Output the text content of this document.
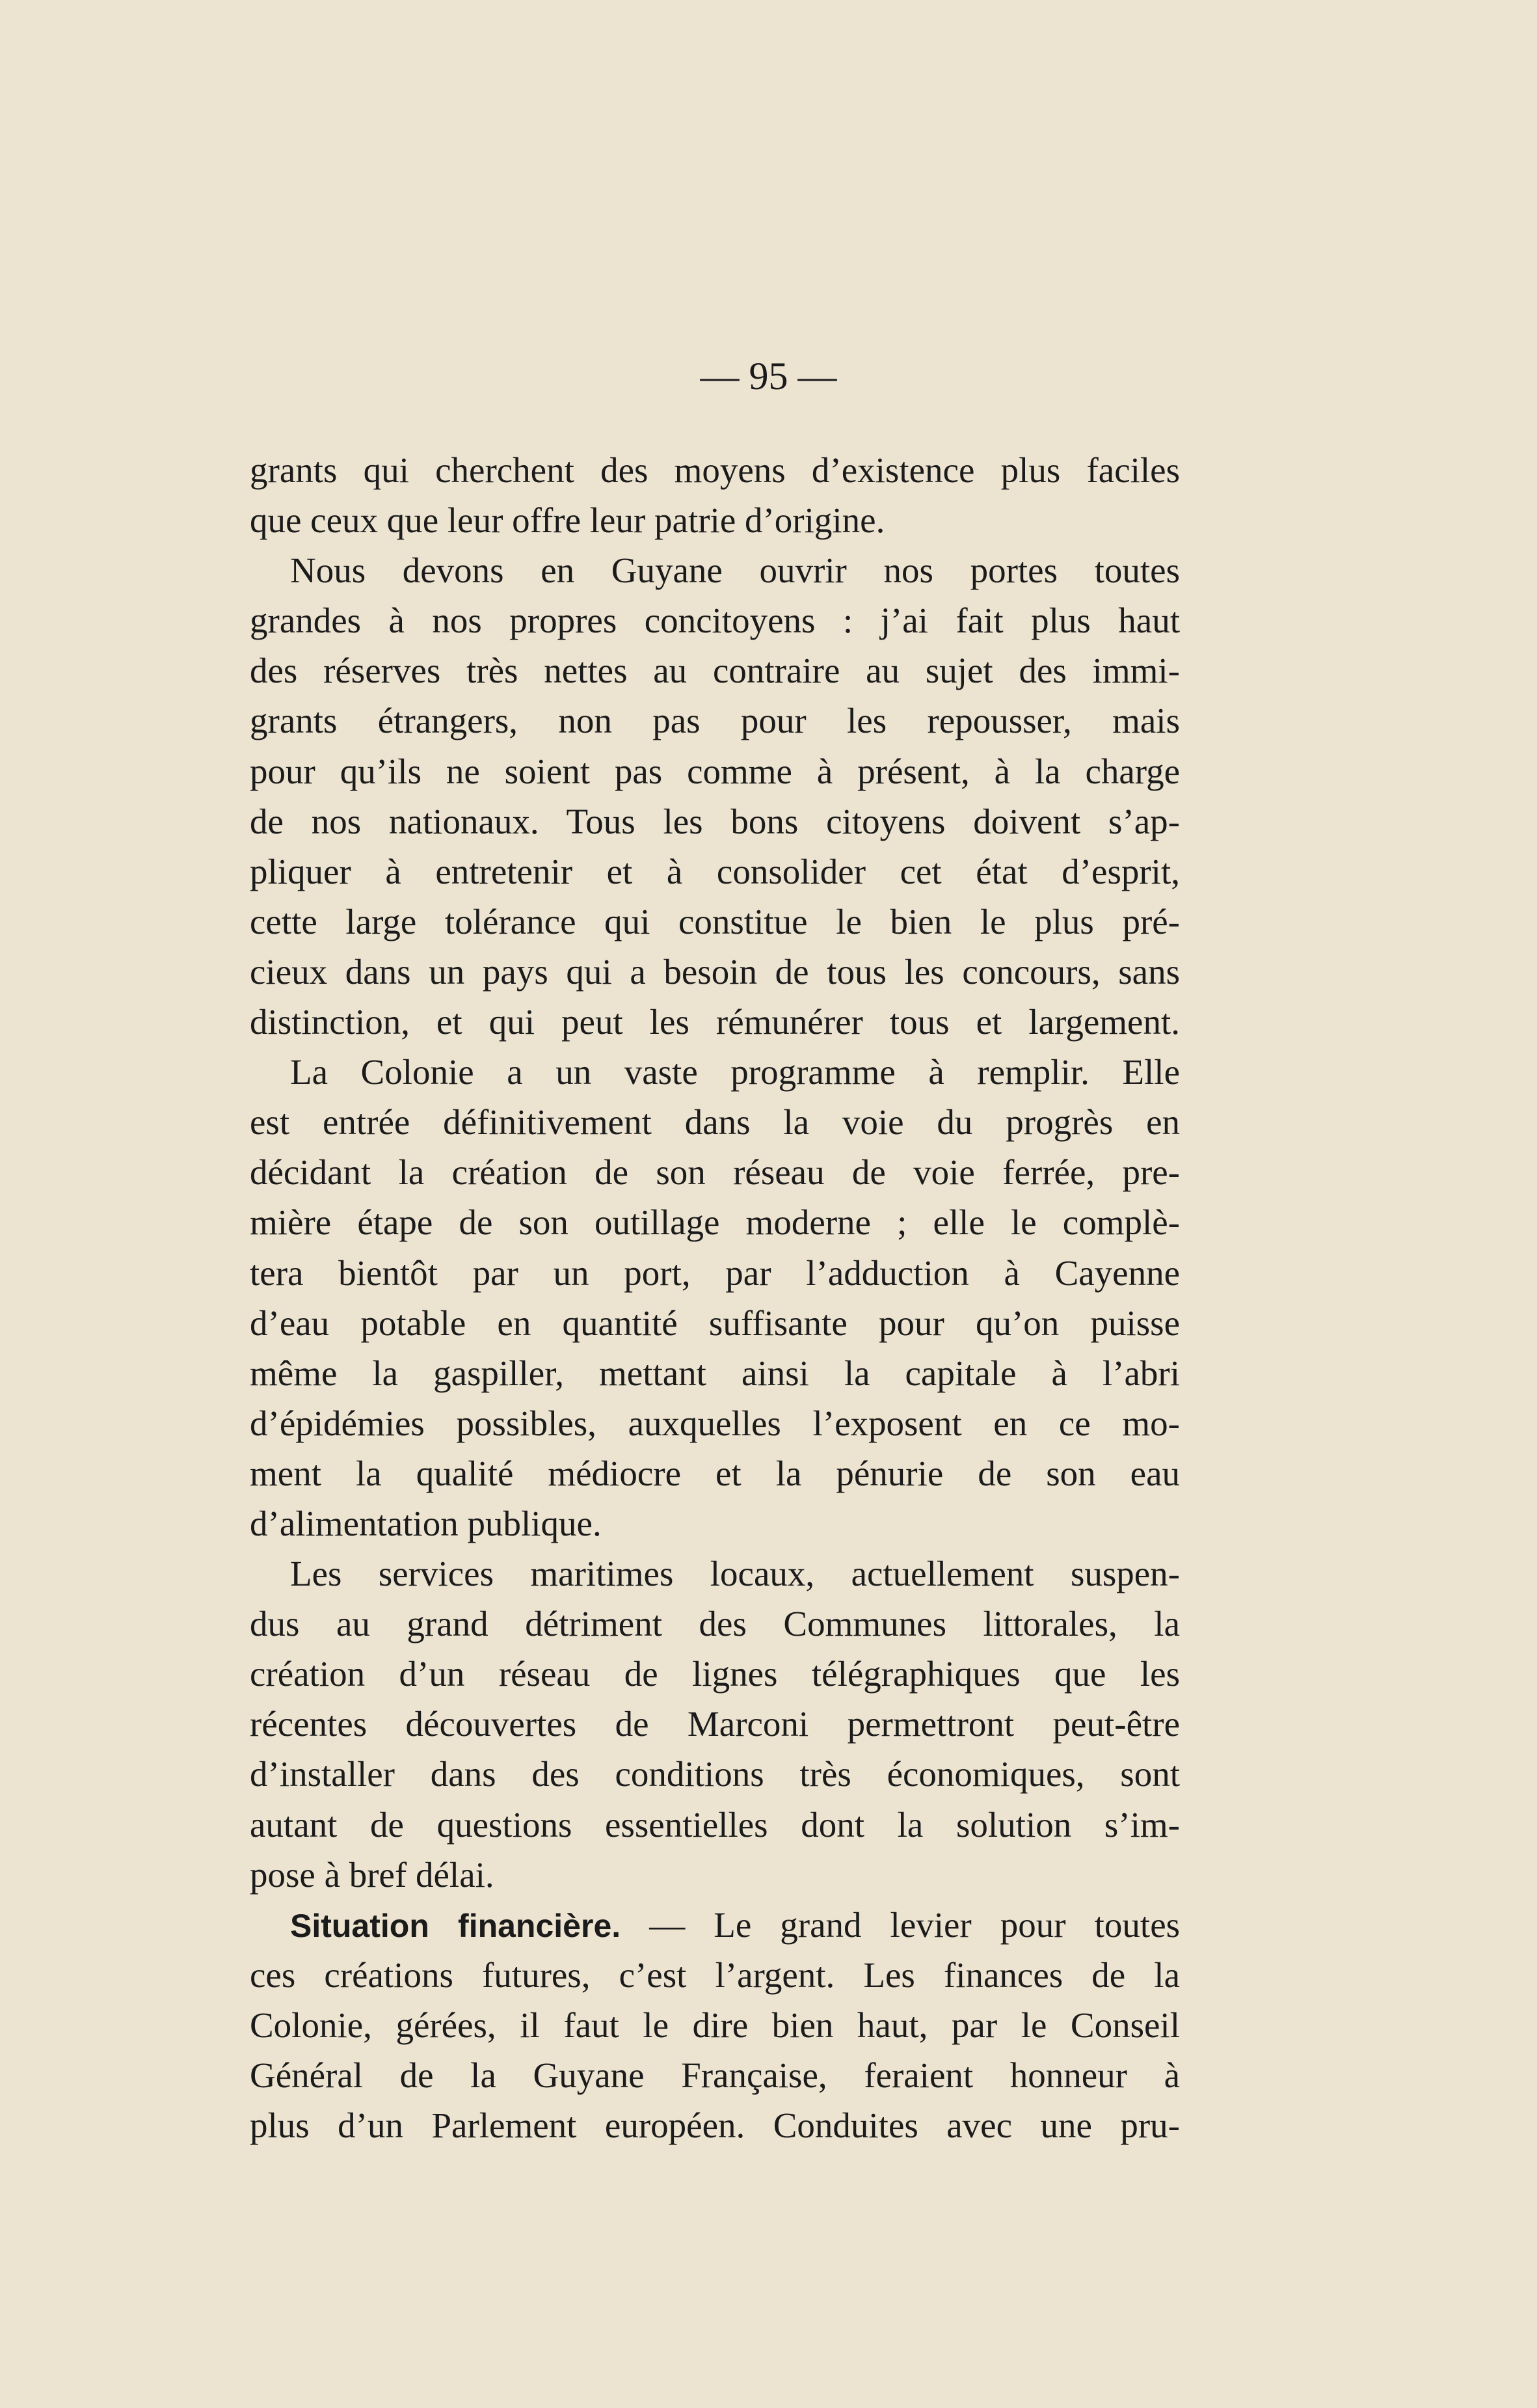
— 95 —
grants qui cherchent des moyens d’existence plus faciles
que ceux que leur offre leur patrie d’origine.
Nous devons en Guyane ouvrir nos portes toutes
grandes à nos propres concitoyens : j’ai fait plus haut
des réserves très nettes au contraire au sujet des immi-
grants étrangers, non pas pour les repousser, mais
pour qu’ils ne soient pas comme à présent, à la charge
de nos nationaux. Tous les bons citoyens doivent s’ap-
pliquer à entretenir et à consolider cet état d’esprit,
cette large tolérance qui constitue le bien le plus pré-
cieux dans un pays qui a besoin de tous les concours, sans
distinction, et qui peut les rémunérer tous et largement.
La Colonie a un vaste programme à remplir. Elle
est entrée définitivement dans la voie du progrès en
décidant la création de son réseau de voie ferrée, pre-
mière étape de son outillage moderne ; elle le complè-
tera bientôt par un port, par l’adduction à Cayenne
d’eau potable en quantité suffisante pour qu’on puisse
même la gaspiller, mettant ainsi la capitale à l’abri
d’épidémies possibles, auxquelles l’exposent en ce mo-
ment la qualité médiocre et la pénurie de son eau
d’alimentation publique.
Les services maritimes locaux, actuellement suspen-
dus au grand détriment des Communes littorales, la
création d’un réseau de lignes télégraphiques que les
récentes découvertes de Marconi permettront peut-être
d’installer dans des conditions très économiques, sont
autant de questions essentielles dont la solution s’im-
pose à bref délai.
Situation financière. — Le grand levier pour toutes
ces créations futures, c’est l’argent. Les finances de la
Colonie, gérées, il faut le dire bien haut, par le Conseil
Général de la Guyane Française, feraient honneur à
plus d’un Parlement européen. Conduites avec une pru-
